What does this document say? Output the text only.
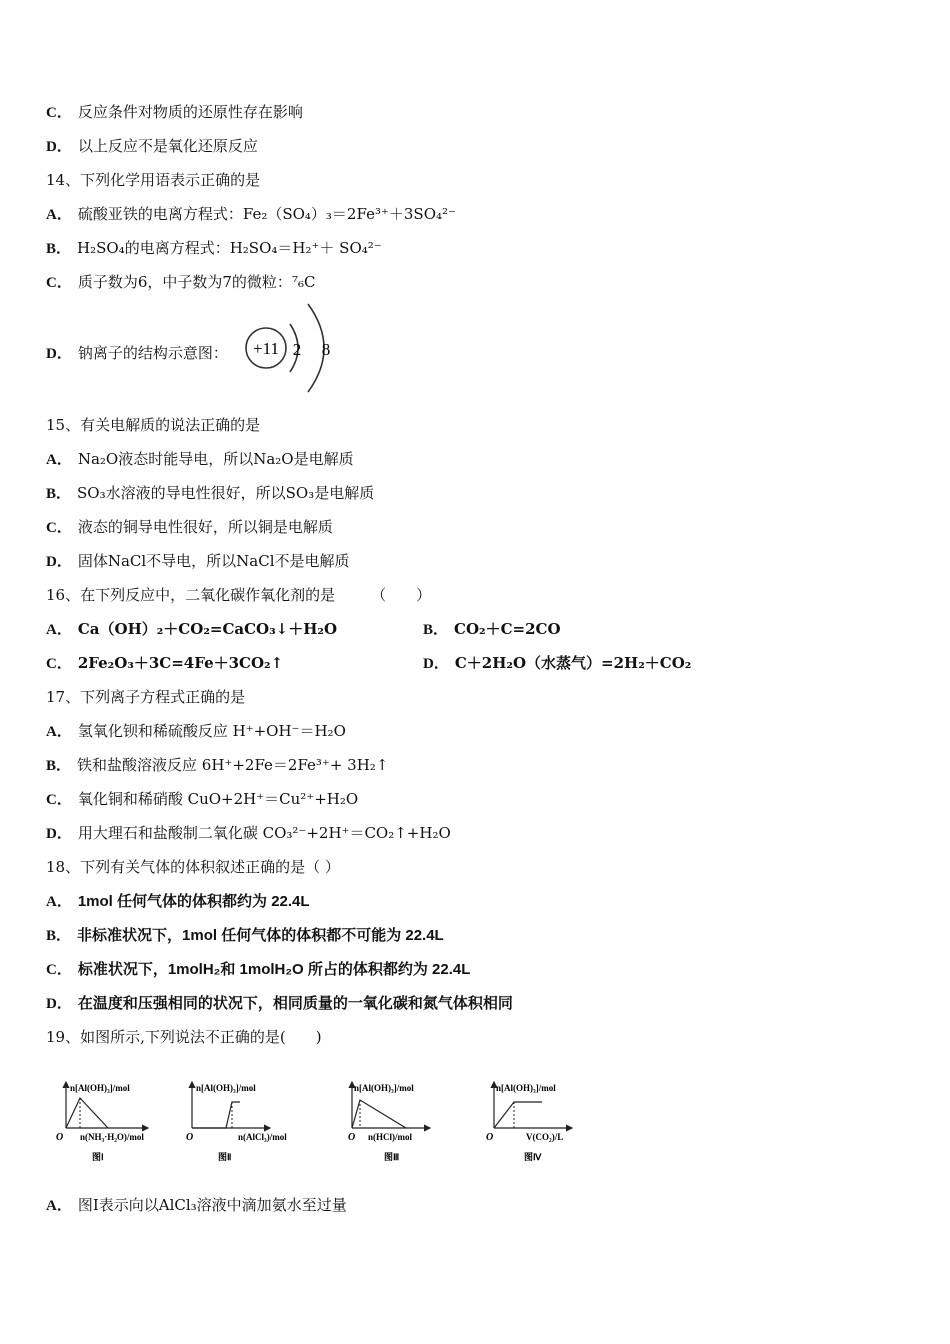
C． 反应条件对物质的还原性存在影响
D． 以上反应不是氧化还原反应
14、下列化学用语表示正确的是
A． 硫酸亚铁的电离方程式：Fe₂（SO₄）₃＝2Fe³⁺＋3SO₄²⁻
B． H₂SO₄的电离方程式：H₂SO₄＝H₂⁺＋ SO₄²⁻
C． 质子数为6，中子数为7的微粒：⁷₆C
D． 钠离子的结构示意图： +11 2 8
15、有关电解质的说法正确的是
A． Na₂O液态时能导电，所以Na₂O是电解质
B． SO₃水溶液的导电性很好，所以SO₃是电解质
C． 液态的铜导电性很好，所以铜是电解质
D． 固体NaCl不导电，所以NaCl不是电解质
16、在下列反应中，二氧化碳作氧化剂的是 （　　）
A． Ca（OH）₂＋CO₂=CaCO₃↓＋H₂O	B． CO₂＋C=2CO
C． 2Fe₂O₃＋3C=4Fe＋3CO₂↑	D． C＋2H₂O（水蒸气）=2H₂＋CO₂
17、下列离子方程式正确的是
A． 氢氧化钡和稀硫酸反应 H⁺+OH⁻＝H₂O
B． 铁和盐酸溶液反应 6H⁺+2Fe＝2Fe³⁺+ 3H₂↑
C． 氧化铜和稀硝酸 CuO+2H⁺＝Cu²⁺+H₂O
D． 用大理石和盐酸制二氧化碳 CO₃²⁻+2H⁺＝CO₂↑+H₂O
18、下列有关气体的体积叙述正确的是（ ）
A． 1mol 任何气体的体积都约为 22.4L
B． 非标准状况下，1mol 任何气体的体积都不可能为 22.4L
C． 标准状况下，1molH₂和 1molH₂O 所占的体积都约为 22.4L
D． 在温度和压强相同的状况下，相同质量的一氧化碳和氮气体积相同
19、如图所示,下列说法不正确的是(　　)
n[Al(OH)₃]/mol
O n(NH₃·H₂O)/mol
图Ⅰ
n[Al(OH)₃]/mol
O	n(AlCl₃)/mol
图Ⅱ
n[Al(OH)₃]/mol
O n(HCl)/mol
图Ⅲ
n[Al(OH)₃]/mol
O	V(CO₂)/L
图Ⅳ
A． 图Ⅰ表示向以AlCl₃溶液中滴加氨水至过量
